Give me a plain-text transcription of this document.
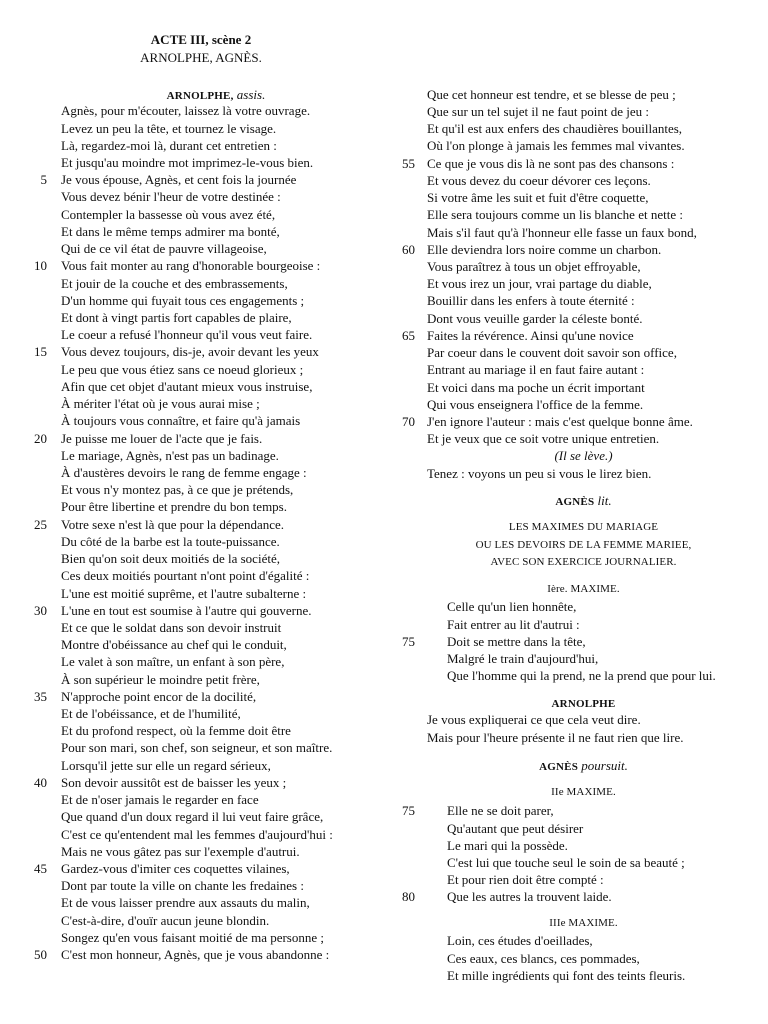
ACTE III, scène 2
ARNOLPHE, AGNÈS.
ARNOLPHE, assis.
Agnès, pour m'écouter, laissez là votre ouvrage.
Levez un peu la tête, et tournez le visage.
Là, regardez-moi là, durant cet entretien :
Et jusqu'au moindre mot imprimez-le-vous bien.
5 Je vous épouse, Agnès, et cent fois la journée
Vous devez bénir l'heur de votre destinée :
Contempler la bassesse où vous avez été,
Et dans le même temps admirer ma bonté,
Qui de ce vil état de pauvre villageoise,
10 Vous fait monter au rang d'honorable bourgeoise :
Et jouir de la couche et des embrassements,
D'un homme qui fuyait tous ces engagements ;
Et dont à vingt partis fort capables de plaire,
Le coeur a refusé l'honneur qu'il vous veut faire.
15 Vous devez toujours, dis-je, avoir devant les yeux
Le peu que vous étiez sans ce noeud glorieux ;
Afin que cet objet d'autant mieux vous instruise,
À mériter l'état où je vous aurai mise ;
À toujours vous connaître, et faire qu'à jamais
20 Je puisse me louer de l'acte que je fais.
Le mariage, Agnès, n'est pas un badinage.
À d'austères devoirs le rang de femme engage :
Et vous n'y montez pas, à ce que je prétends,
Pour être libertine et prendre du bon temps.
25 Votre sexe n'est là que pour la dépendance.
Du côté de la barbe est la toute-puissance.
Bien qu'on soit deux moitiés de la société,
Ces deux moitiés pourtant n'ont point d'égalité :
L'une est moitié suprême, et l'autre subalterne :
30 L'une en tout est soumise à l'autre qui gouverne.
Et ce que le soldat dans son devoir instruit
Montre d'obéissance au chef qui le conduit,
Le valet à son maître, un enfant à son père,
À son supérieur le moindre petit frère,
35 N'approche point encor de la docilité,
Et de l'obéissance, et de l'humilité,
Et du profond respect, où la femme doit être
Pour son mari, son chef, son seigneur, et son maître.
Lorsqu'il jette sur elle un regard sérieux,
40 Son devoir aussitôt est de baisser les yeux ;
Et de n'oser jamais le regarder en face
Que quand d'un doux regard il lui veut faire grâce,
C'est ce qu'entendent mal les femmes d'aujourd'hui :
Mais ne vous gâtez pas sur l'exemple d'autrui.
45 Gardez-vous d'imiter ces coquettes vilaines,
Dont par toute la ville on chante les fredaines :
Et de vous laisser prendre aux assauts du malin,
C'est-à-dire, d'ouïr aucun jeune blondin.
Songez qu'en vous faisant moitié de ma personne ;
50 C'est mon honneur, Agnès, que je vous abandonne :
Que cet honneur est tendre, et se blesse de peu ;
Que sur un tel sujet il ne faut point de jeu :
Et qu'il est aux enfers des chaudières bouillantes,
Où l'on plonge à jamais les femmes mal vivantes.
55 Ce que je vous dis là ne sont pas des chansons :
Et vous devez du coeur dévorer ces leçons.
Si votre âme les suit et fuit d'être coquette,
Elle sera toujours comme un lis blanche et nette :
Mais s'il faut qu'à l'honneur elle fasse un faux bond,
60 Elle deviendra lors noire comme un charbon.
Vous paraîtrez à tous un objet effroyable,
Et vous irez un jour, vrai partage du diable,
Bouillir dans les enfers à toute éternité :
Dont vous veuille garder la céleste bonté.
65 Faites la révérence. Ainsi qu'une novice
Par coeur dans le couvent doit savoir son office,
Entrant au mariage il en faut faire autant :
Et voici dans ma poche un écrit important
Qui vous enseignera l'office de la femme.
70 J'en ignore l'auteur : mais c'est quelque bonne âme.
Et je veux que ce soit votre unique entretien.
(Il se lève.)
Tenez : voyons un peu si vous le lirez bien.
AGNÈS lit.
LES MAXIMES DU MARIAGE
OU LES DEVOIRS DE LA FEMME MARIEE,
AVEC SON EXERCICE JOURNALIER.
Ière. MAXIME.
Celle qu'un lien honnête,
Fait entrer au lit d'autrui :
75 Doit se mettre dans la tête,
Malgré le train d'aujourd'hui,
Que l'homme qui la prend, ne la prend que pour lui.
ARNOLPHE
Je vous expliquerai ce que cela veut dire.
Mais pour l'heure présente il ne faut rien que lire.
AGNÈS poursuit.
IIe MAXIME.
75 Elle ne se doit parer,
Qu'autant que peut désirer
Le mari qui la possède.
C'est lui que touche seul le soin de sa beauté ;
Et pour rien doit être compté :
80 Que les autres la trouvent laide.
IIIe MAXIME.
Loin, ces études d'oeillades,
Ces eaux, ces blancs, ces pommades,
Et mille ingrédients qui font des teints fleuris.
